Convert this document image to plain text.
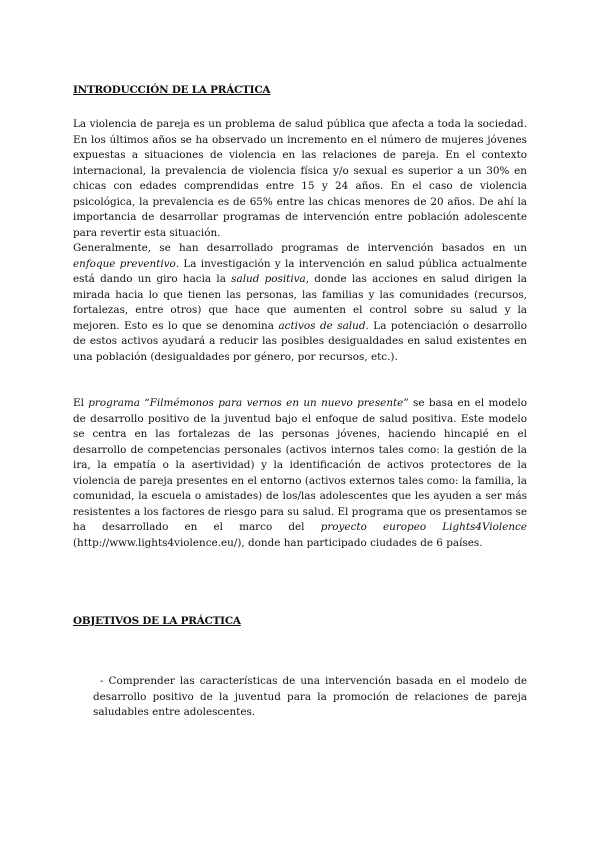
INTRODUCCIÓN DE LA PRÁCTICA

La violencia de pareja es un problema de salud pública que afecta a toda la sociedad. En los últimos años se ha observado un incremento en el número de mujeres jóvenes expuestas a situaciones de violencia en las relaciones de pareja. En el contexto internacional, la prevalencia de violencia física y/o sexual es superior a un 30% en chicas con edades comprendidas entre 15 y 24 años. En el caso de violencia psicológica, la prevalencia es de 65% entre las chicas menores de 20 años. De ahí la importancia de desarrollar programas de intervención entre población adolescente para revertir esta situación.

Generalmente, se han desarrollado programas de intervención basados en un enfoque preventivo. La investigación y la intervención en salud pública actualmente está dando un giro hacia la salud positiva, donde las acciones en salud dirigen la mirada hacia lo que tienen las personas, las familias y las comunidades (recursos, fortalezas, entre otros) que hace que aumenten el control sobre su salud y la mejoren. Esto es lo que se denomina activos de salud. La potenciación o desarrollo de estos activos ayudará a reducir las posibles desigualdades en salud existentes en una población (desigualdades por género, por recursos, etc.).

El programa “Filmémonos para vernos en un nuevo presente” se basa en el modelo de desarrollo positivo de la juventud bajo el enfoque de salud positiva. Este modelo se centra en las fortalezas de las personas jóvenes, haciendo hincapié en el desarrollo de competencias personales (activos internos tales como: la gestión de la ira, la empatía o la asertividad) y la identificación de activos protectores de la violencia de pareja presentes en el entorno (activos externos tales como: la familia, la comunidad, la escuela o amistades) de los/las adolescentes que les ayuden a ser más resistentes a los factores de riesgo para su salud. El programa que os presentamos se ha desarrollado en el marco del proyecto europeo Lights4Violence (http://www.lights4violence.eu/), donde han participado ciudades de 6 países.

OBJETIVOS DE LA PRÁCTICA

- Comprender las características de una intervención basada en el modelo de desarrollo positivo de la juventud para la promoción de relaciones de pareja saludables entre adolescentes.
